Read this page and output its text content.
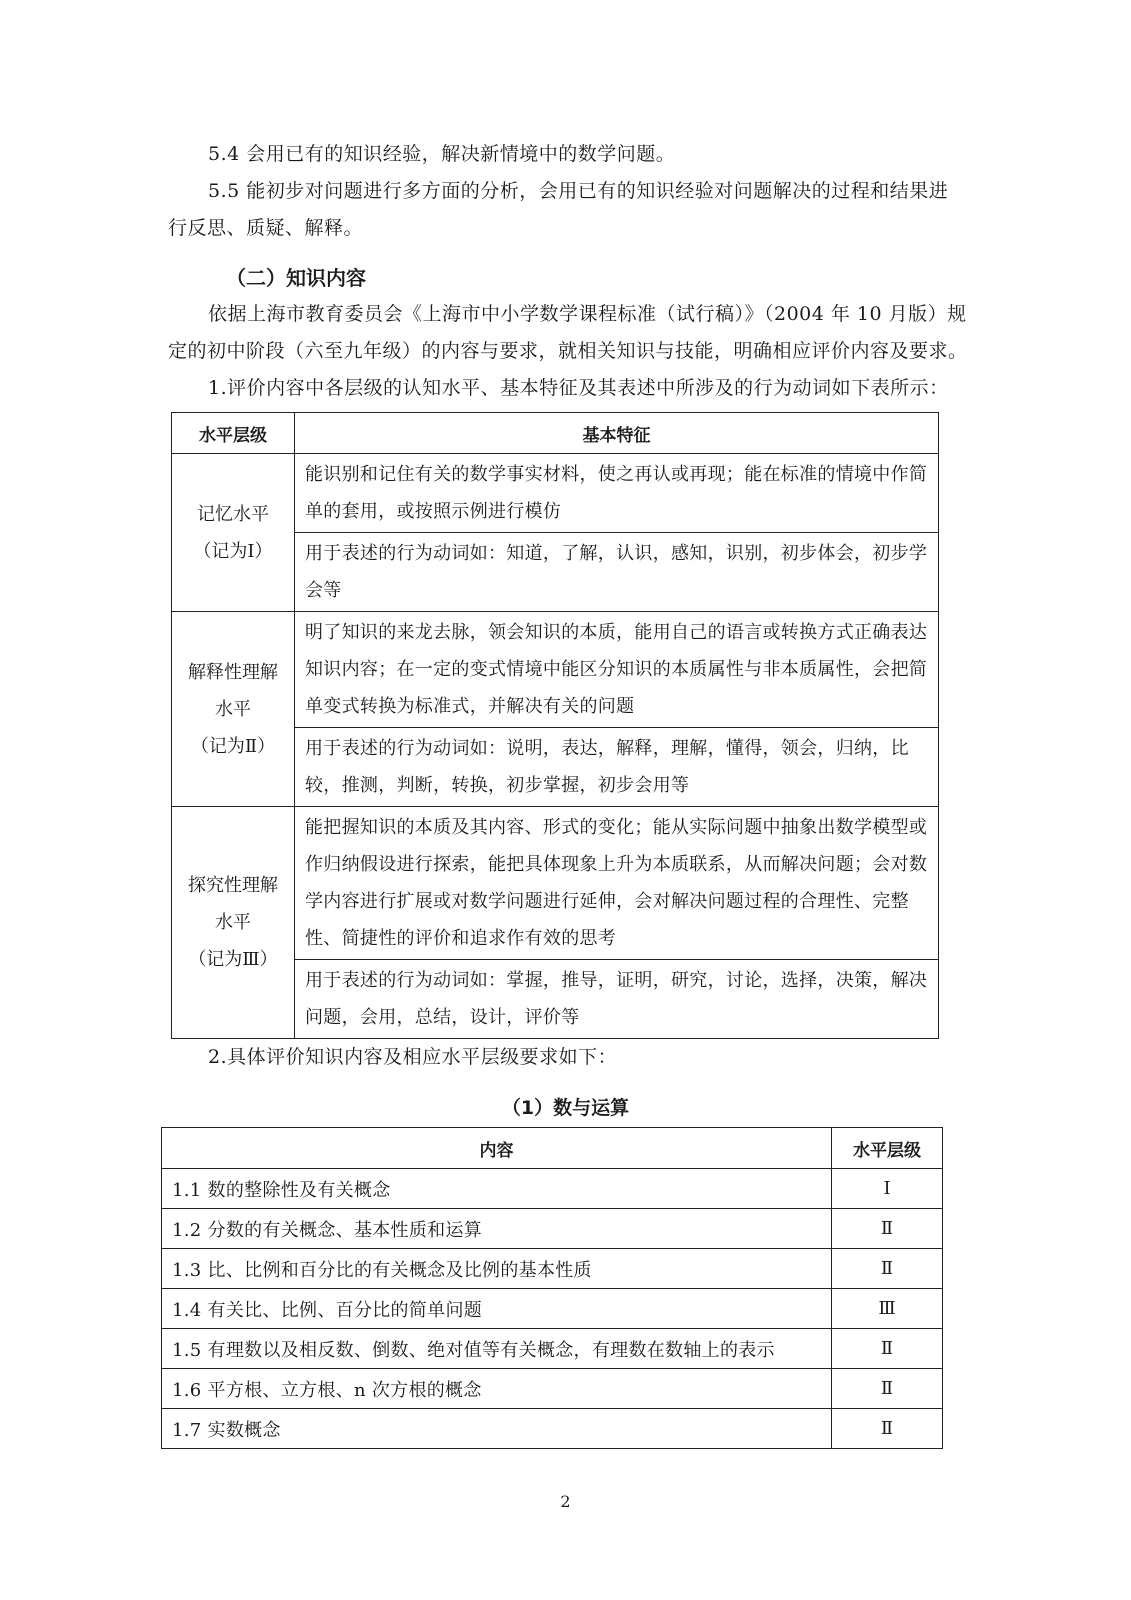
5.4 会用已有的知识经验，解决新情境中的数学问题。
5.5 能初步对问题进行多方面的分析，会用已有的知识经验对问题解决的过程和结果进
行反思、质疑、解释。
（二）知识内容
依据上海市教育委员会《上海市中小学数学课程标准（试行稿）》（2004 年 10 月版）规
定的初中阶段（六至九年级）的内容与要求，就相关知识与技能，明确相应评价内容及要求。
1.评价内容中各层级的认知水平、基本特征及其表述中所涉及的行为动词如下表所示：
水平层级	基本特征

记忆水平
（记为Ⅰ）	能识别和记住有关的数学事实材料，使之再认或再现；能在标准的情境中作简单的套用，或按照示例进行模仿
	用于表述的行为动词如：知道，了解，认识，感知，识别，初步体会，初步学会等

解释性理解
水平
（记为Ⅱ）	明了知识的来龙去脉，领会知识的本质，能用自己的语言或转换方式正确表达知识内容；在一定的变式情境中能区分知识的本质属性与非本质属性，会把简单变式转换为标准式，并解决有关的问题
	用于表述的行为动词如：说明，表达，解释，理解，懂得，领会，归纳，比较，推测，判断，转换，初步掌握，初步会用等

探究性理解
水平
（记为Ⅲ）	能把握知识的本质及其内容、形式的变化；能从实际问题中抽象出数学模型或作归纳假设进行探索，能把具体现象上升为本质联系，从而解决问题；会对数学内容进行扩展或对数学问题进行延伸，会对解决问题过程的合理性、完整性、简捷性的评价和追求作有效的思考
	用于表述的行为动词如：掌握，推导，证明，研究，讨论，选择，决策，解决问题，会用，总结，设计，评价等
2.具体评价知识内容及相应水平层级要求如下：
（1）数与运算
内容	水平层级
1.1 数的整除性及有关概念	Ⅰ
1.2 分数的有关概念、基本性质和运算	Ⅱ
1.3 比、比例和百分比的有关概念及比例的基本性质	Ⅱ
1.4 有关比、比例、百分比的简单问题	Ⅲ
1.5 有理数以及相反数、倒数、绝对值等有关概念，有理数在数轴上的表示	Ⅱ
1.6 平方根、立方根、n 次方根的概念	Ⅱ
1.7 实数概念	Ⅱ
2
